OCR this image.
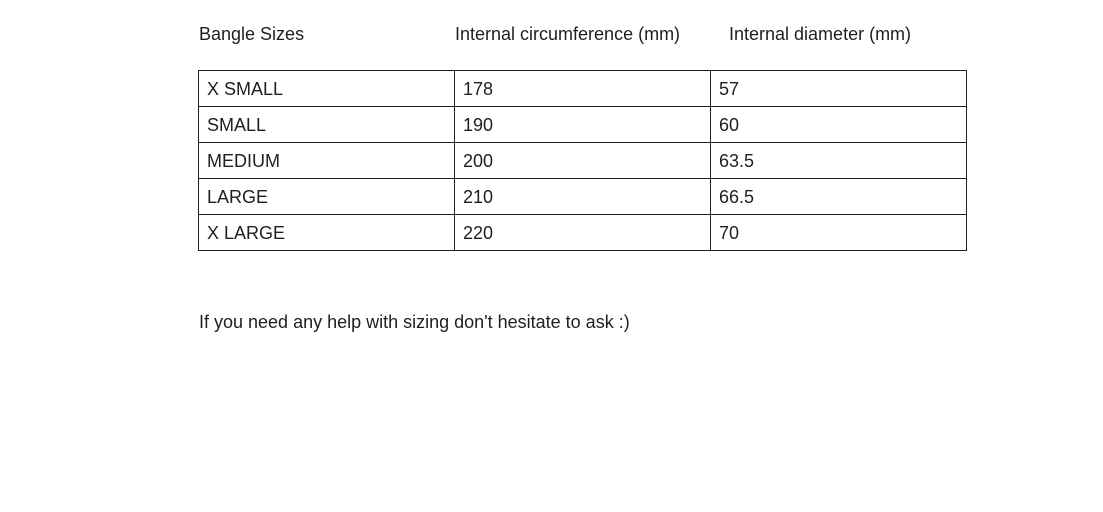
Bangle Sizes	Internal circumference (mm)	Internal diameter (mm)
X SMALL	178	57
SMALL	190	60
MEDIUM	200	63.5
LARGE	210	66.5
X LARGE	220	70
If you need any help with sizing don't hesitate to ask :)
